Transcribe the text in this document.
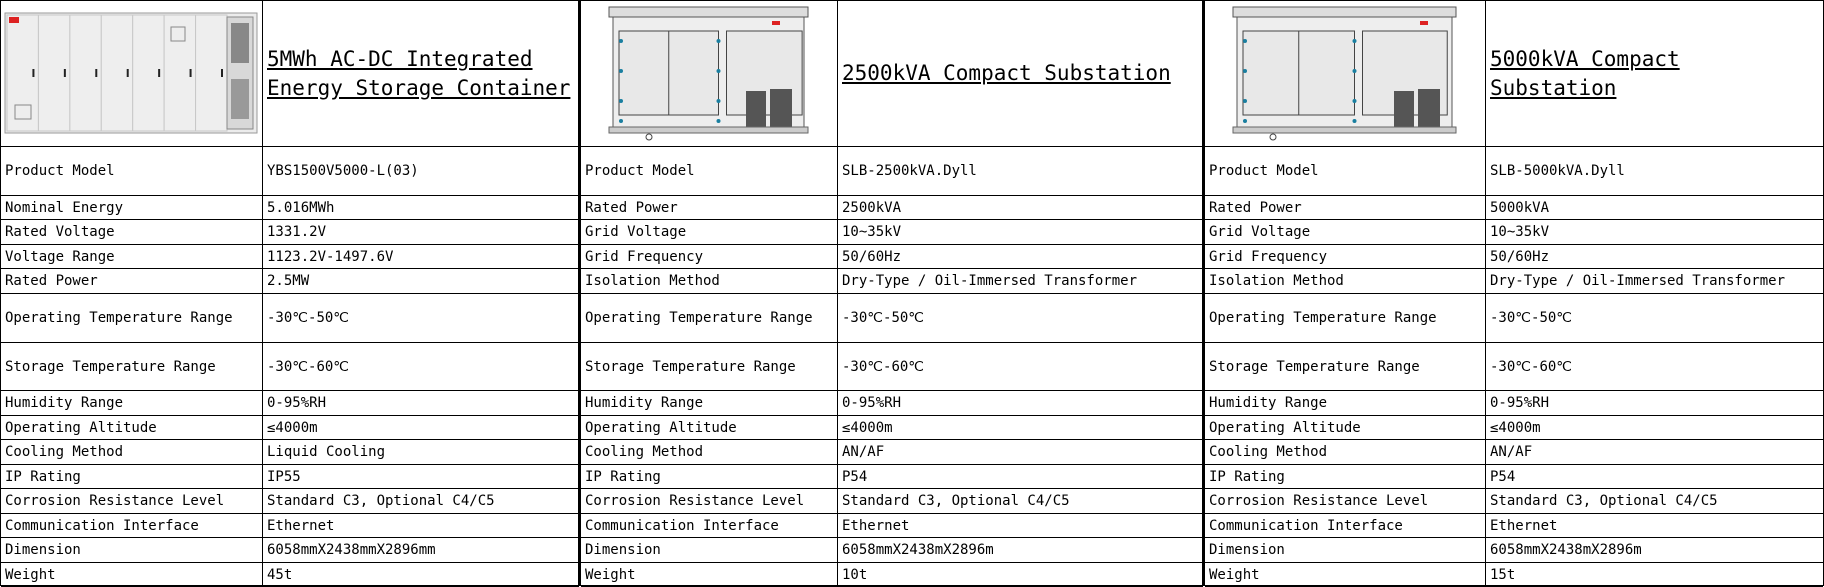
5MWh AC-DC Integrated Energy Storage Container
Product Model	YBS1500V5000-L(03)
Nominal Energy	5.016MWh
Rated Voltage	1331.2V
Voltage Range	1123.2V-1497.6V
Rated Power	2.5MW
Operating Temperature Range	-30℃-50℃
Storage Temperature Range	-30℃-60℃
Humidity Range	0-95%RH
Operating Altitude	≤4000m
Cooling Method	Liquid Cooling
IP Rating	IP55
Corrosion Resistance Level	Standard C3, Optional C4/C5
Communication Interface	Ethernet
Dimension	6058mmX2438mmX2896mm
Weight	45t
2500kVA Compact Substation
Product Model	SLB-2500kVA.Dyll
Rated Power	2500kVA
Grid Voltage	10~35kV
Grid Frequency	50/60Hz
Isolation Method	Dry-Type / Oil-Immersed Transformer
Operating Temperature Range	-30℃-50℃
Storage Temperature Range	-30℃-60℃
Humidity Range	0-95%RH
Operating Altitude	≤4000m
Cooling Method	AN/AF
IP Rating	P54
Corrosion Resistance Level	Standard C3, Optional C4/C5
Communication Interface	Ethernet
Dimension	6058mmX2438mX2896m
Weight	10t
5000kVA Compact Substation
Product Model	SLB-5000kVA.Dyll
Rated Power	5000kVA
Grid Voltage	10~35kV
Grid Frequency	50/60Hz
Isolation Method	Dry-Type / Oil-Immersed Transformer
Operating Temperature Range	-30℃-50℃
Storage Temperature Range	-30℃-60℃
Humidity Range	0-95%RH
Operating Altitude	≤4000m
Cooling Method	AN/AF
IP Rating	P54
Corrosion Resistance Level	Standard C3, Optional C4/C5
Communication Interface	Ethernet
Dimension	6058mmX2438mX2896m
Weight	15t
